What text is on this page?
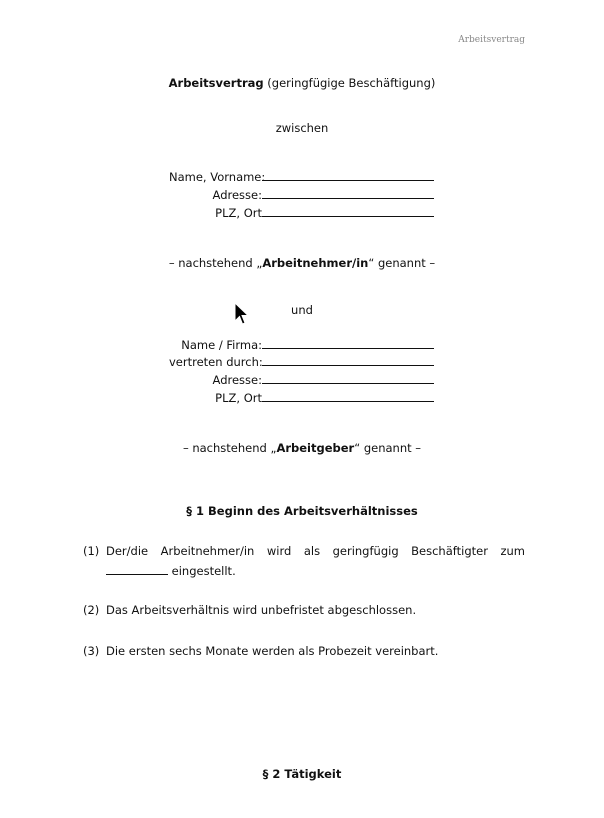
Arbeitsvertrag
Arbeitsvertrag (geringfügige Beschäftigung)
zwischen
Name, Vorname:
Adresse:
PLZ, Ort
– nachstehend „Arbeitnehmer/in“ genannt –
und
Name / Firma:
vertreten durch:
Adresse:
PLZ, Ort
– nachstehend „Arbeitgeber“ genannt –
§ 1 Beginn des Arbeitsverhältnisses
(1) Der/die Arbeitnehmer/in wird als geringfügig Beschäftigter zum
eingestellt.
(2) Das Arbeitsverhältnis wird unbefristet abgeschlossen.
(3) Die ersten sechs Monate werden als Probezeit vereinbart.
§ 2 Tätigkeit
